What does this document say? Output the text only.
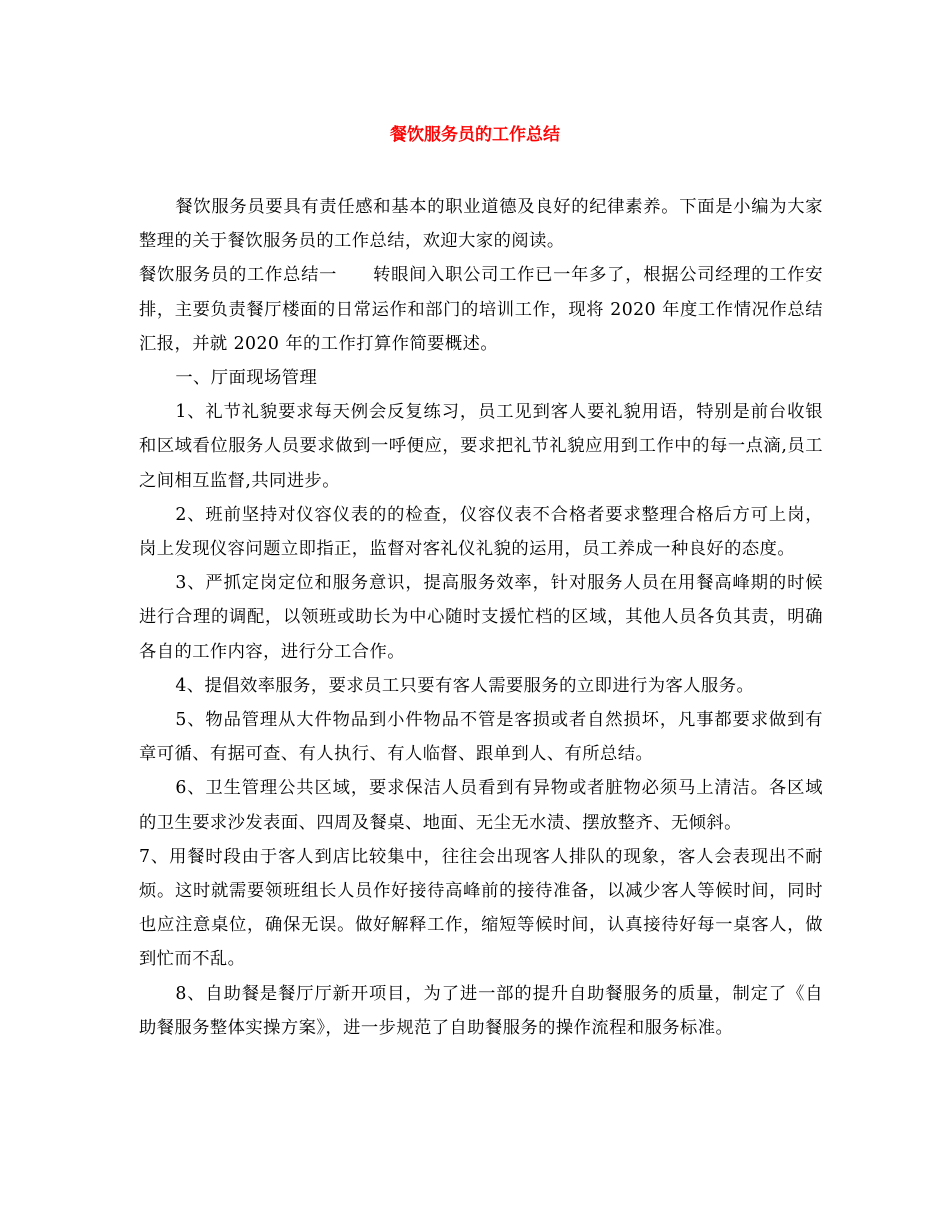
餐饮服务员的工作总结

餐饮服务员要具有责任感和基本的职业道德及良好的纪律素养。下面是小编为大家整理的关于餐饮服务员的工作总结，欢迎大家的阅读。

餐饮服务员的工作总结一　　转眼间入职公司工作已一年多了，根据公司经理的工作安排，主要负责餐厅楼面的日常运作和部门的培训工作，现将 2020 年度工作情况作总结汇报，并就 2020 年的工作打算作简要概述。

一、厅面现场管理

1、礼节礼貌要求每天例会反复练习，员工见到客人要礼貌用语，特别是前台收银和区域看位服务人员要求做到一呼便应，要求把礼节礼貌应用到工作中的每一点滴,员工之间相互监督,共同进步。

2、班前坚持对仪容仪表的的检查，仪容仪表不合格者要求整理合格后方可上岗，岗上发现仪容问题立即指正，监督对客礼仪礼貌的运用，员工养成一种良好的态度。

3、严抓定岗定位和服务意识，提高服务效率，针对服务人员在用餐高峰期的时候进行合理的调配，以领班或助长为中心随时支援忙档的区域，其他人员各负其责，明确各自的工作内容，进行分工合作。

4、提倡效率服务，要求员工只要有客人需要服务的立即进行为客人服务。

5、物品管理从大件物品到小件物品不管是客损或者自然损坏，凡事都要求做到有章可循、有据可查、有人执行、有人临督、跟单到人、有所总结。

6、卫生管理公共区域，要求保洁人员看到有异物或者脏物必须马上清洁。各区域的卫生要求沙发表面、四周及餐桌、地面、无尘无水渍、摆放整齐、无倾斜。

7、用餐时段由于客人到店比较集中，往往会出现客人排队的现象，客人会表现出不耐烦。这时就需要领班组长人员作好接待高峰前的接待准备，以减少客人等候时间，同时也应注意桌位，确保无误。做好解释工作，缩短等候时间，认真接待好每一桌客人，做到忙而不乱。

8、自助餐是餐厅厅新开项目，为了进一部的提升自助餐服务的质量，制定了《自助餐服务整体实操方案》，进一步规范了自助餐服务的操作流程和服务标准。
